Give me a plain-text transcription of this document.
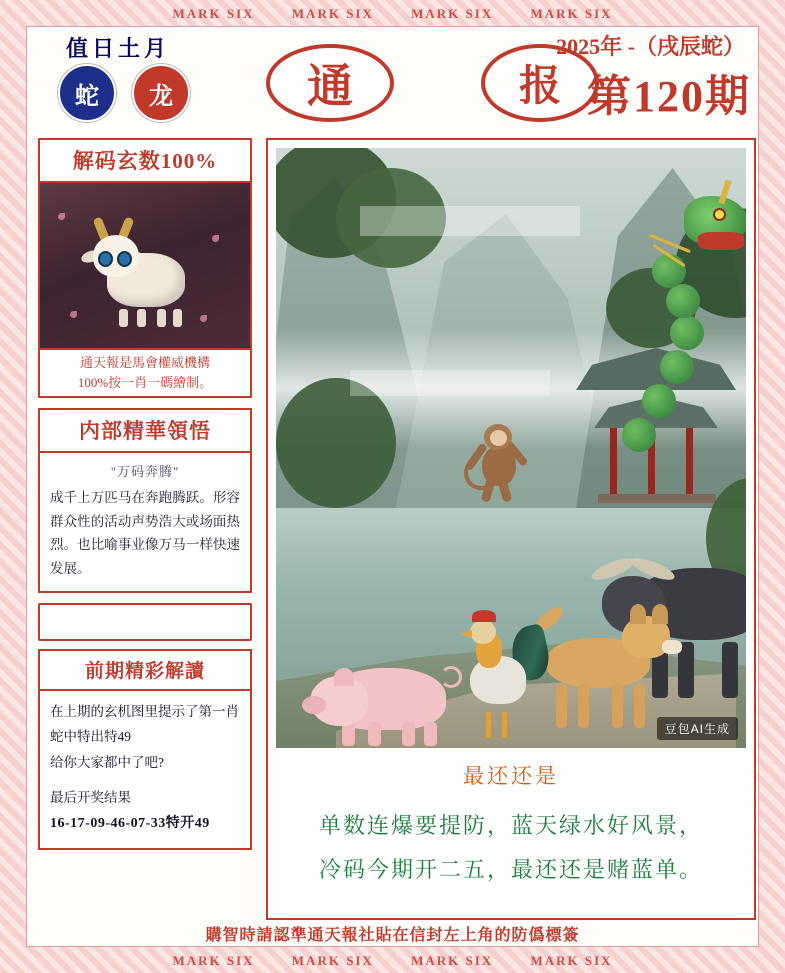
MARK SIX	MARK SIX	MARK SIX	MARK SIX
MARK SIX	MARK SIX	MARK SIX	MARK SIX
值日土月
蛇	龙	通	报
2025年 -（戌辰蛇）
第120期
解码玄数100%
通天報是馬會權威機構
100%按一肖一碼繪制。
内部精華領悟
"万码奔腾"
成千上万匹马在奔跑腾跃。形容群众性的活动声势浩大或场面热烈。也比喻事业像万马一样快速发展。
前期精彩解讀
在上期的玄机图里提示了第一肖
蛇中特出特49
给你大家都中了吧?
最后开奖结果
16-17-09-46-07-33特开49
豆包AI生成
最还还是
单数连爆要提防，蓝天绿水好风景，
冷码今期开二五，最还还是赌蓝单。
購智時請認準通天報社貼在信封左上角的防僞標簽
